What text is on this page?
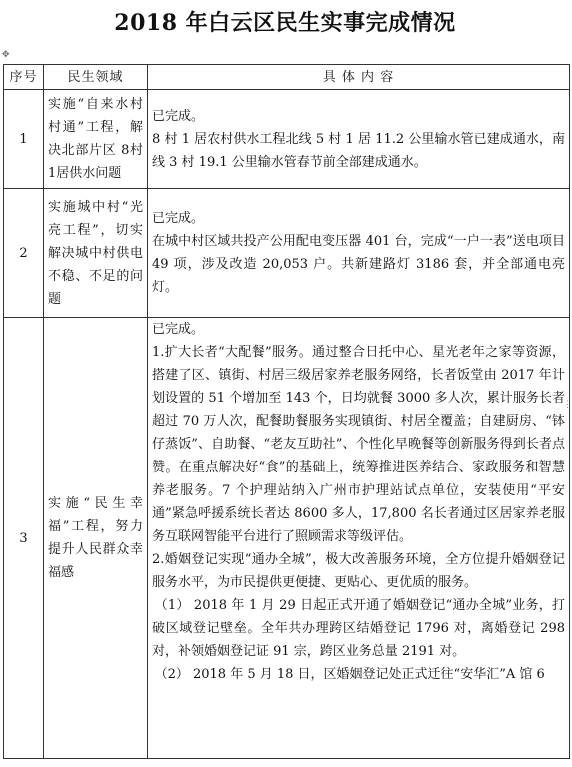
2018 年白云区民生实事完成情况
✥
⋮
序号	民生领域	具 体 内 容
1	实施“自来水村村通”工程，解决北部片区 8村1居供水问题	已完成。

8 村 1 居农村供水工程北线 5 村 1 居 11.2 公里输水管已建成通水，南线 3 村 19.1 公里输水管春节前全部建成通水。

2	实施城中村“光亮工程”，切实解决城中村供电不稳、不足的问题	已完成。

在城中村区域共投产公用配电变压器 401 台，完成“一户一表”送电项目 49 项，涉及改造 20,053 户。共新建路灯 3186 套，并全部通电亮灯。

3	实施“民生幸福”工程，努力提升人民群众幸福感	已完成。

1.扩大长者“大配餐”服务。通过整合日托中心、星光老年之家等资源，搭建了区、镇街、村居三级居家养老服务网络，长者饭堂由 2017 年计划设置的 51 个增加至 143 个，日均就餐 3000 多人次，累计服务长者超过 70 万人次，配餐助餐服务实现镇街、村居全覆盖；自建厨房、“钵仔蒸饭”、自助餐、“老友互助社”、个性化早晚餐等创新服务得到长者点赞。在重点解决好“食”的基础上，统筹推进医养结合、家政服务和智慧养老服务。7 个护理站纳入广州市护理站试点单位，安装使用“平安通”紧急呼援系统长者达 8600 多人，17,800 名长者通过区居家养老服务互联网智能平台进行了照顾需求等级评估。

2.婚姻登记实现“通办全城”，极大改善服务环境，全方位提升婚姻登记服务水平，为市民提供更便捷、更贴心、更优质的服务。

（1） 2018 年 1 月 29 日起正式开通了婚姻登记“通办全城”业务，打破区域登记壁垒。全年共办理跨区结婚登记 1796 对，离婚登记 298 对，补领婚姻登记证 91 宗，跨区业务总量 2191 对。

（2） 2018 年 5 月 18 日，区婚姻登记处正式迁往“安华汇”A 馆 6
